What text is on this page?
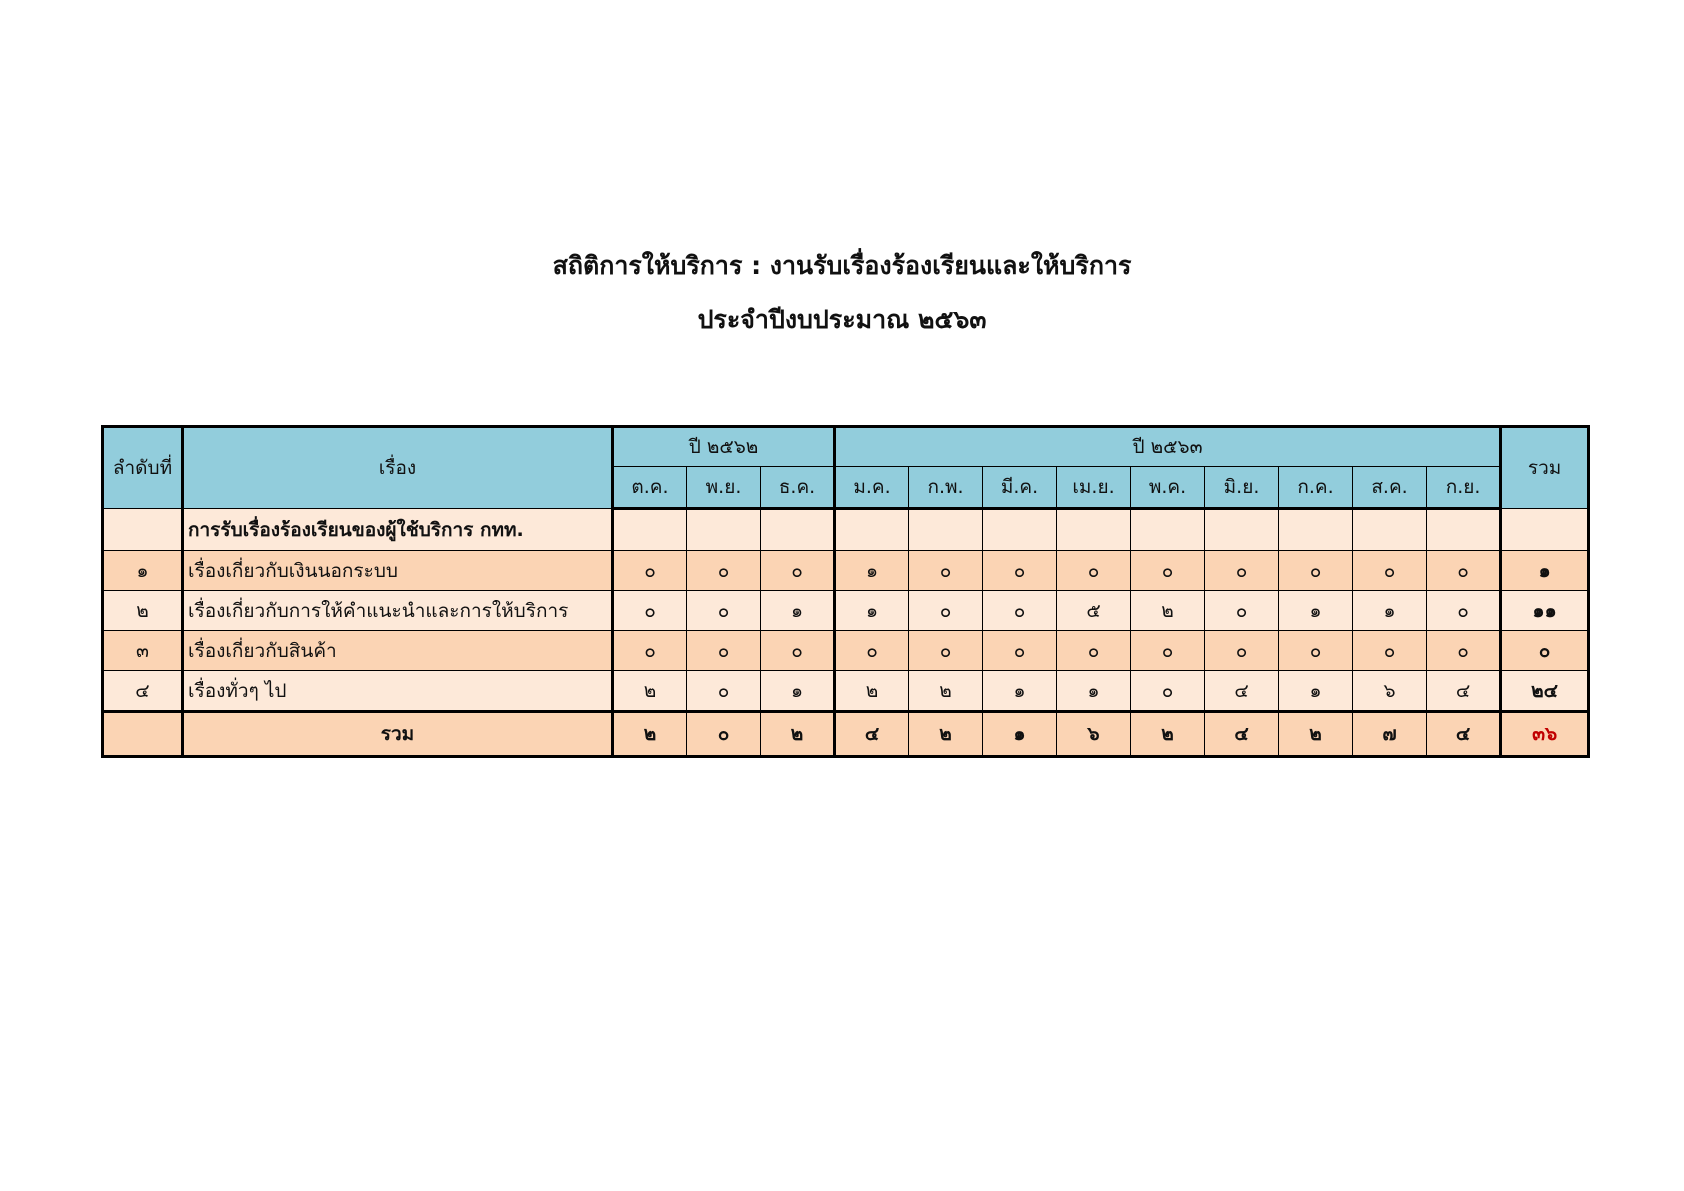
สถิติการให้บริการ : งานรับเรื่องร้องเรียนและให้บริการ
ประจำปีงบประมาณ ๒๕๖๓
ลำดับที่	เรื่อง	ปี ๒๕๖๒			ปี ๒๕๖๓									รวม
		ต.ค.	พ.ย.	ธ.ค.	ม.ค.	ก.พ.	มี.ค.	เม.ย.	พ.ค.	มิ.ย.	ก.ค.	ส.ค.	ก.ย.	
	การรับเรื่องร้องเรียนของผู้ใช้บริการ กทท.													
๑	เรื่องเกี่ยวกับเงินนอกระบบ	๐	๐	๐	๑	๐	๐	๐	๐	๐	๐	๐	๐	๑
๒	เรื่องเกี่ยวกับการให้คำแนะนำและการให้บริการ	๐	๐	๑	๑	๐	๐	๕	๒	๐	๑	๑	๐	๑๑
๓	เรื่องเกี่ยวกับสินค้า	๐	๐	๐	๐	๐	๐	๐	๐	๐	๐	๐	๐	๐
๔	เรื่องทั่วๆ ไป	๒	๐	๑	๒	๒	๑	๑	๐	๔	๑	๖	๔	๒๔
	รวม	๒	๐	๒	๔	๒	๑	๖	๒	๔	๒	๗	๔	๓๖
